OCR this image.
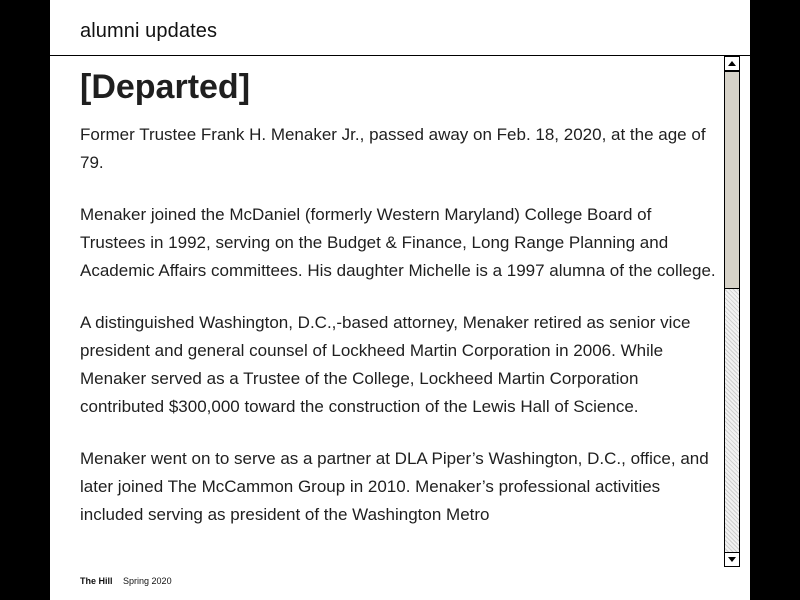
alumni updates
[Departed]

Former Trustee Frank H. Menaker Jr., passed away on Feb. 18, 2020, at the age of 79.

Menaker joined the McDaniel (formerly Western Maryland) College Board of Trustees in 1992, serving on the Budget & Finance, Long Range Planning and Academic Affairs committees. His daughter Michelle is a 1997 alumna of the college.

A distinguished Washington, D.C.,-based attorney, Menaker retired as senior vice president and general counsel of Lockheed Martin Corporation in 2006. While Menaker served as a Trustee of the College, Lockheed Martin Corporation contributed $300,000 toward the construction of the Lewis Hall of Science.

Menaker went on to serve as a partner at DLA Piper’s Washington, D.C., office, and later joined The McCammon Group in 2010. Menaker’s professional activities included serving as president of the Washington Metro

The Hill Spring 2020
